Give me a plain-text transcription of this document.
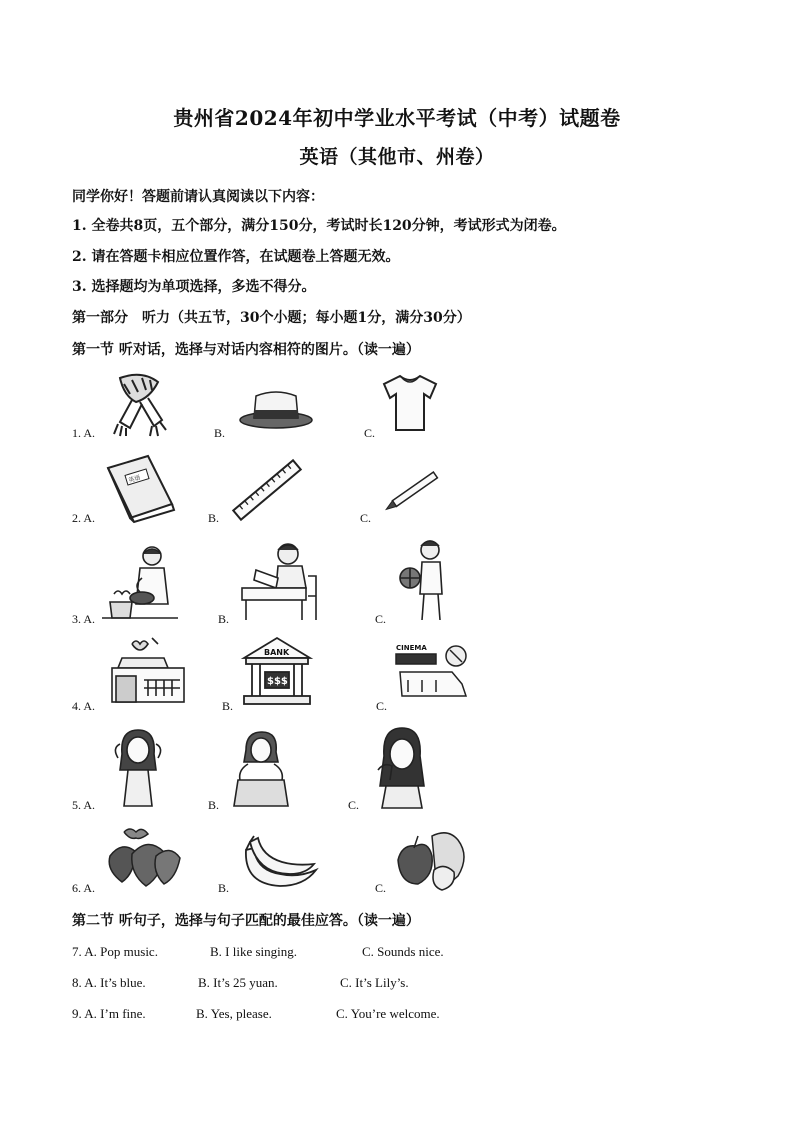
贵州省2024年初中学业水平考试（中考）试题卷
英语（其他市、州卷）
同学你好！答题前请认真阅读以下内容：
1. 全卷共8页，五个部分，满分150分，考试时长120分钟，考试形式为闭卷。
2. 请在答题卡相应位置作答，在试题卷上答题无效。
3. 选择题均为单项选择，多选不得分。
第一部分　听力（共五节，30个小题；每小题1分，满分30分）
第一节 听对话，选择与对话内容相符的图片。（读一遍）
1. A.	B.	C.
2. A.	B.	C.
英语
3. A.	B.	C.
4. A.	B.	C.
BANK
$$$
CINEMA
5. A.	B.	C.
6. A.	B.	C.
第二节 听句子，选择与句子匹配的最佳应答。（读一遍）
7. A. Pop music.	B. I like singing.	C. Sounds nice.
8. A. It’s blue.	B. It’s 25 yuan.	C. It’s Lily’s.
9. A. I’m fine.	B. Yes, please.	C. You’re welcome.
